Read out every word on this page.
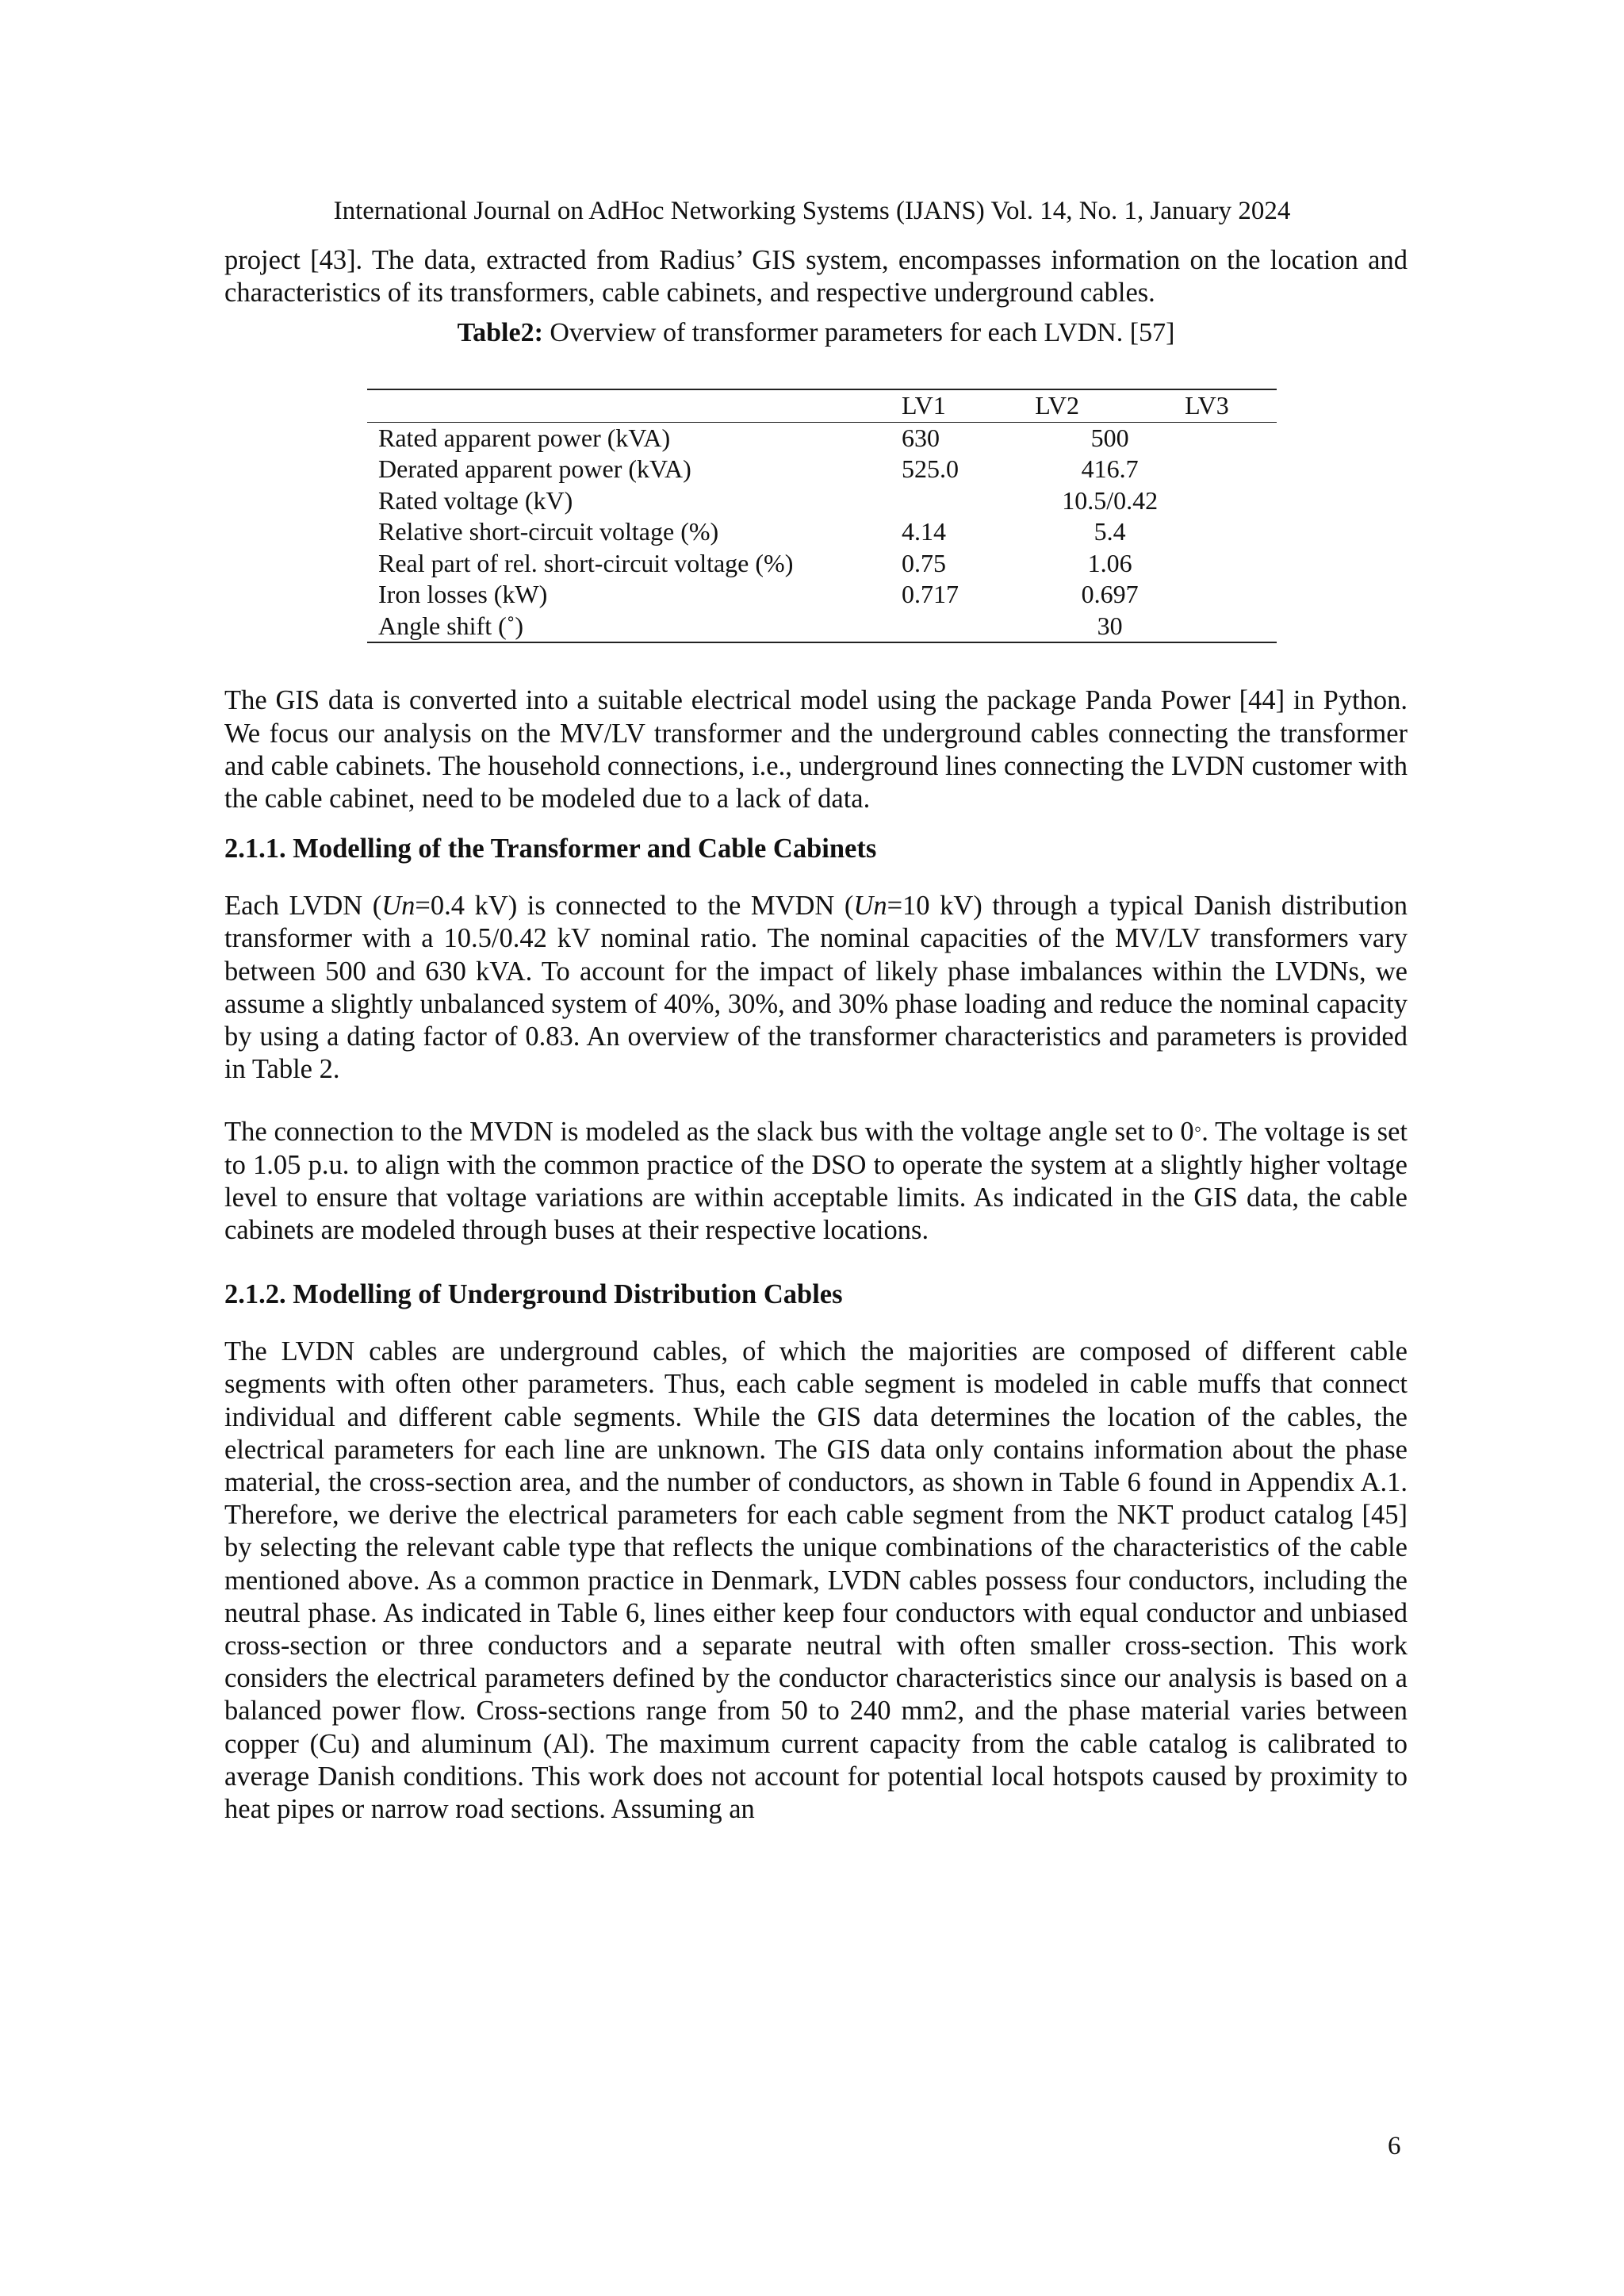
International Journal on AdHoc Networking Systems (IJANS) Vol. 14, No. 1, January 2024

project [43]. The data, extracted from Radius’ GIS system, encompasses information on the location and characteristics of its transformers, cable cabinets, and respective underground cables.

Table2: Overview of transformer parameters for each LVDN. [57]
	LV1	LV2	LV3
Rated apparent power (kVA)	630	500	
Derated apparent power (kVA)	525.0	416.7	
Rated voltage (kV)		10.5/0.42	
Relative short-circuit voltage (%)	4.14	5.4	
Real part of rel. short-circuit voltage (%)	0.75	1.06	
Iron losses (kW)	0.717	0.697	
Angle shift (˚)		30	

The GIS data is converted into a suitable electrical model using the package Panda Power [44] in Python. We focus our analysis on the MV/LV transformer and the underground cables connecting the transformer and cable cabinets. The household connections, i.e., underground lines connecting the LVDN customer with the cable cabinet, need to be modeled due to a lack of data.

2.1.1. Modelling of the Transformer and Cable Cabinets

Each LVDN (Un=0.4 kV) is connected to the MVDN (Un=10 kV) through a typical Danish distribution transformer with a 10.5/0.42 kV nominal ratio. The nominal capacities of the MV/LV transformers vary between 500 and 630 kVA. To account for the impact of likely phase imbalances within the LVDNs, we assume a slightly unbalanced system of 40%, 30%, and 30% phase loading and reduce the nominal capacity by using a dating factor of 0.83. An overview of the transformer characteristics and parameters is provided in Table 2.

The connection to the MVDN is modeled as the slack bus with the voltage angle set to 0◦. The voltage is set to 1.05 p.u. to align with the common practice of the DSO to operate the system at a slightly higher voltage level to ensure that voltage variations are within acceptable limits. As indicated in the GIS data, the cable cabinets are modeled through buses at their respective locations.

2.1.2. Modelling of Underground Distribution Cables

The LVDN cables are underground cables, of which the majorities are composed of different cable segments with often other parameters. Thus, each cable segment is modeled in cable muffs that connect individual and different cable segments. While the GIS data determines the location of the cables, the electrical parameters for each line are unknown. The GIS data only contains information about the phase material, the cross-section area, and the number of conductors, as shown in Table 6 found in Appendix A.1. Therefore, we derive the electrical parameters for each cable segment from the NKT product catalog [45] by selecting the relevant cable type that reflects the unique combinations of the characteristics of the cable mentioned above. As a common practice in Denmark, LVDN cables possess four conductors, including the neutral phase. As indicated in Table 6, lines either keep four conductors with equal conductor and unbiased cross-section or three conductors and a separate neutral with often smaller cross-section. This work considers the electrical parameters defined by the conductor characteristics since our analysis is based on a balanced power flow. Cross-sections range from 50 to 240 mm2, and the phase material varies between copper (Cu) and aluminum (Al). The maximum current capacity from the cable catalog is calibrated to average Danish conditions. This work does not account for potential local hotspots caused by proximity to heat pipes or narrow road sections. Assuming an

6
